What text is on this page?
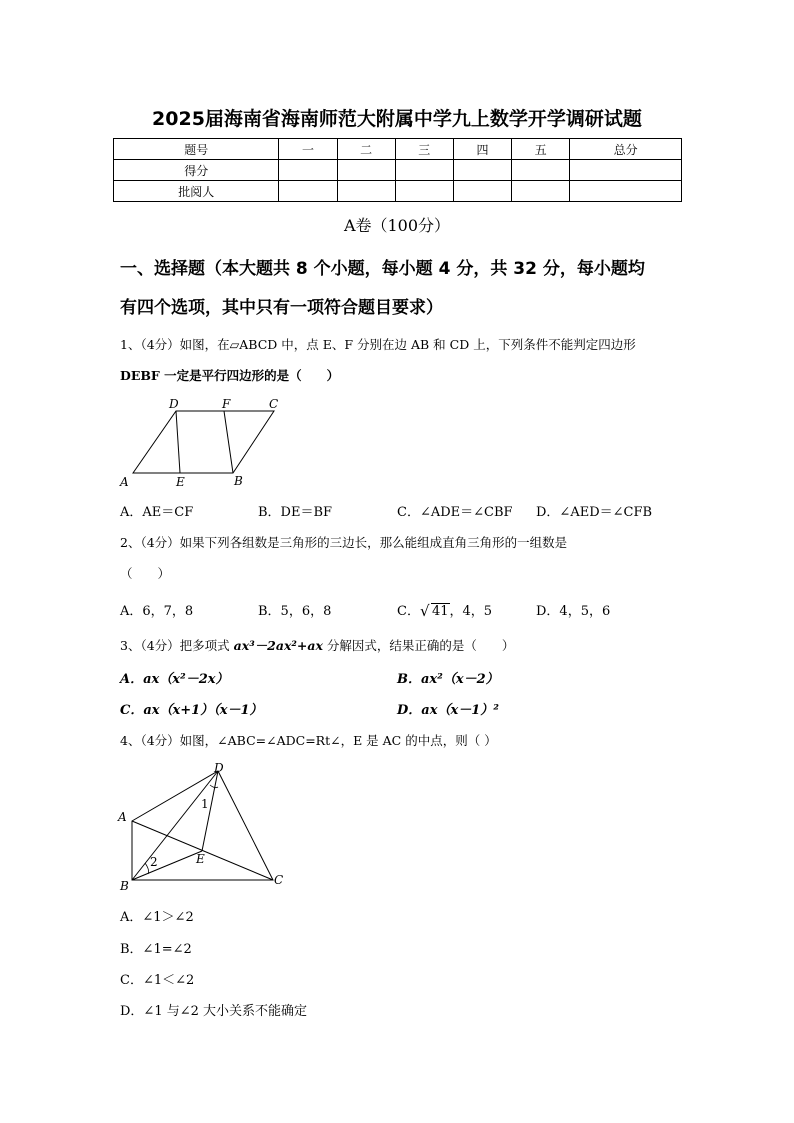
2025届海南省海南师范大附属中学九上数学开学调研试题
题号	一	二	三	四	五	总分
得分						
批阅人						
A卷（100分）
一、选择题（本大题共 8 个小题，每小题 4 分，共 32 分，每小题均
有四个选项，其中只有一项符合题目要求）
1、（4分）如图，在▱ABCD 中，点 E、F 分别在边 AB 和 CD 上，下列条件不能判定四边形
DEBF 一定是平行四边形的是（　　）
A	E	B
D	F	C
A．AE＝CF	B．DE＝BF	C．∠ADE＝∠CBF D．∠AED＝∠CFB
2、（4分）如果下列各组数是三角形的三边长，那么能组成直角三角形的一组数是
（　　）
A．6，7，8	B．5，6，8	C． √ 41，4，5	D．4，5，6
3、（4分）把多项式 ax³－2ax²+ax 分解因式，结果正确的是（　　）
A．ax（x²－2x）	B．ax²（x－2）
C．ax（x+1）（x－1）	D．ax（x－1）²
4、（4分）如图，∠ABC=∠ADC=Rt∠，E 是 AC 的中点，则（ ）
A
B	C
D
E
1
2
A．∠1＞∠2
B．∠1=∠2
C．∠1＜∠2
D．∠1 与∠2 大小关系不能确定
